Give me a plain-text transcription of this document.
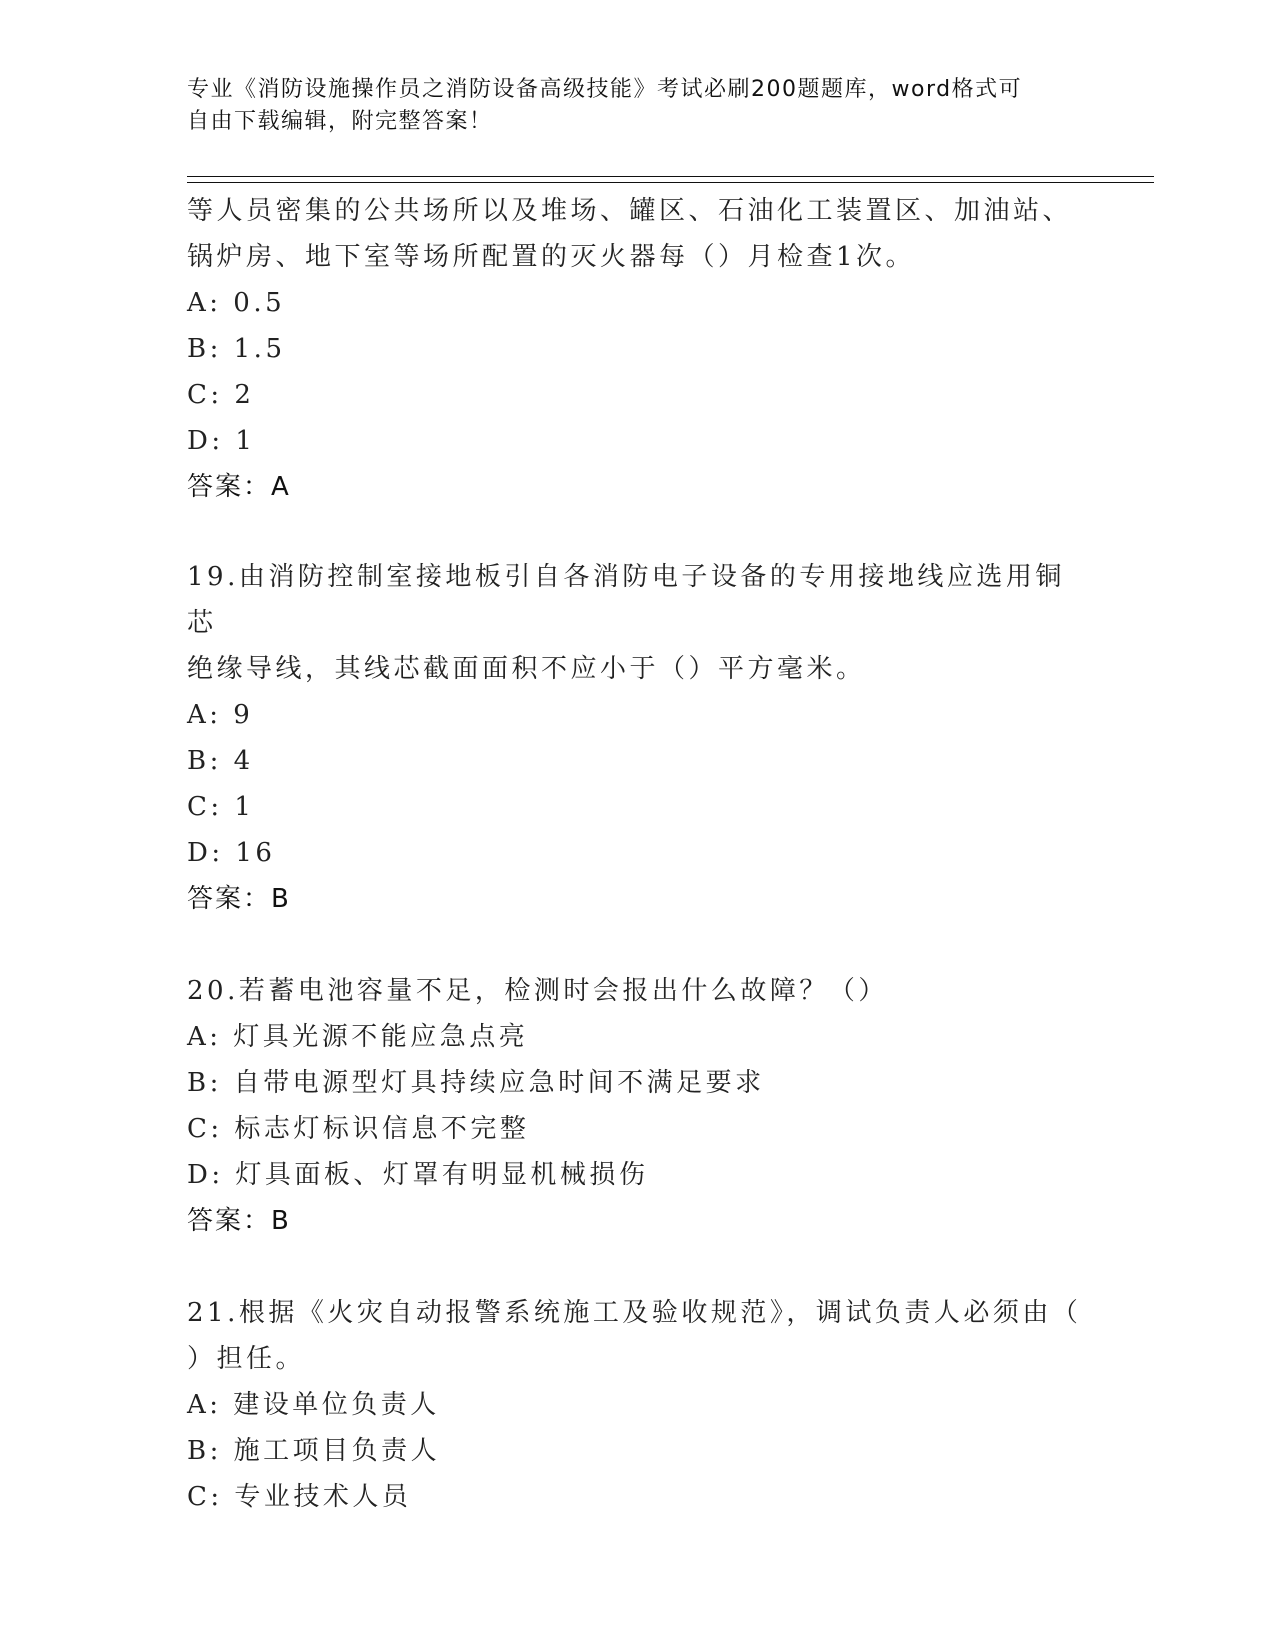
专业《消防设施操作员之消防设备高级技能》考试必刷200题题库，word格式可
自由下载编辑，附完整答案！
等人员密集的公共场所以及堆场、罐区、石油化工装置区、加油站、
锅炉房、地下室等场所配置的灭火器每（）月检查1次。
A: 0.5
B: 1.5
C: 2
D: 1
答案：A
19.由消防控制室接地板引自各消防电子设备的专用接地线应选用铜芯
绝缘导线，其线芯截面面积不应小于（）平方毫米。
A: 9
B: 4
C: 1
D: 16
答案：B
20.若蓄电池容量不足，检测时会报出什么故障？（）
A: 灯具光源不能应急点亮
B: 自带电源型灯具持续应急时间不满足要求
C: 标志灯标识信息不完整
D: 灯具面板、灯罩有明显机械损伤
答案：B
21.根据《火灾自动报警系统施工及验收规范》，调试负责人必须由（
）担任。
A: 建设单位负责人
B: 施工项目负责人
C: 专业技术人员
